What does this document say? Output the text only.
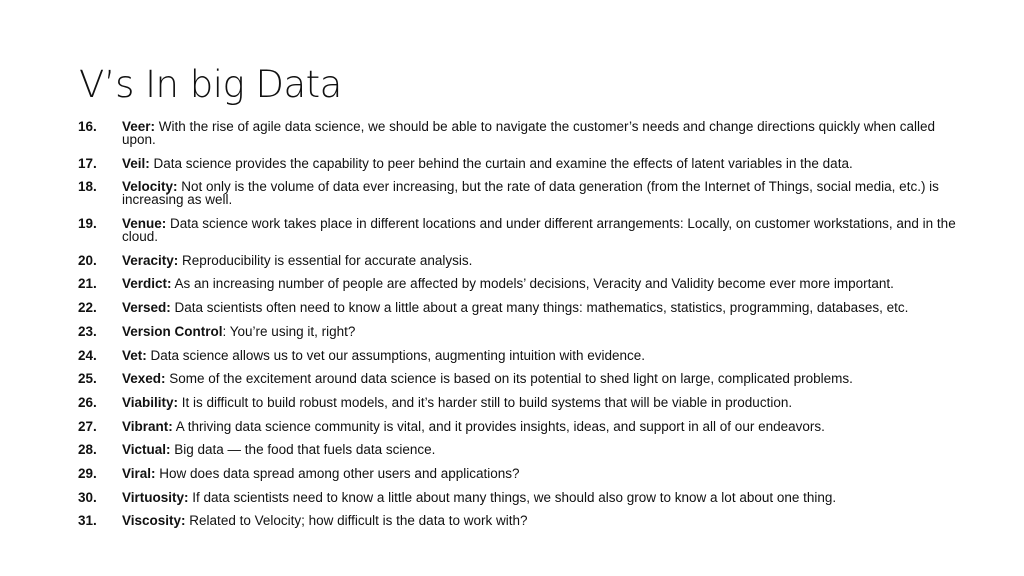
V’s In big Data
16.	Veer: With the rise of agile data science, we should be able to navigate the customer’s needs and change directions quickly when called upon.
17.	Veil: Data science provides the capability to peer behind the curtain and examine the effects of latent variables in the data.
18.	Velocity: Not only is the volume of data ever increasing, but the rate of data generation (from the Internet of Things, social media, etc.) is increasing as well.
19.	Venue: Data science work takes place in different locations and under different arrangements: Locally, on customer workstations, and in the cloud.
20.	Veracity: Reproducibility is essential for accurate analysis.
21.	Verdict: As an increasing number of people are affected by models’ decisions, Veracity and Validity become ever more important.
22.	Versed: Data scientists often need to know a little about a great many things: mathematics, statistics, programming, databases, etc.
23.	Version Control: You’re using it, right?
24.	Vet: Data science allows us to vet our assumptions, augmenting intuition with evidence.
25.	Vexed: Some of the excitement around data science is based on its potential to shed light on large, complicated problems.
26.	Viability: It is difficult to build robust models, and it’s harder still to build systems that will be viable in production.
27.	Vibrant: A thriving data science community is vital, and it provides insights, ideas, and support in all of our endeavors.
28.	Victual: Big data — the food that fuels data science.
29.	Viral: How does data spread among other users and applications?
30.	Virtuosity: If data scientists need to know a little about many things, we should also grow to know a lot about one thing.
31.	Viscosity: Related to Velocity; how difficult is the data to work with?
